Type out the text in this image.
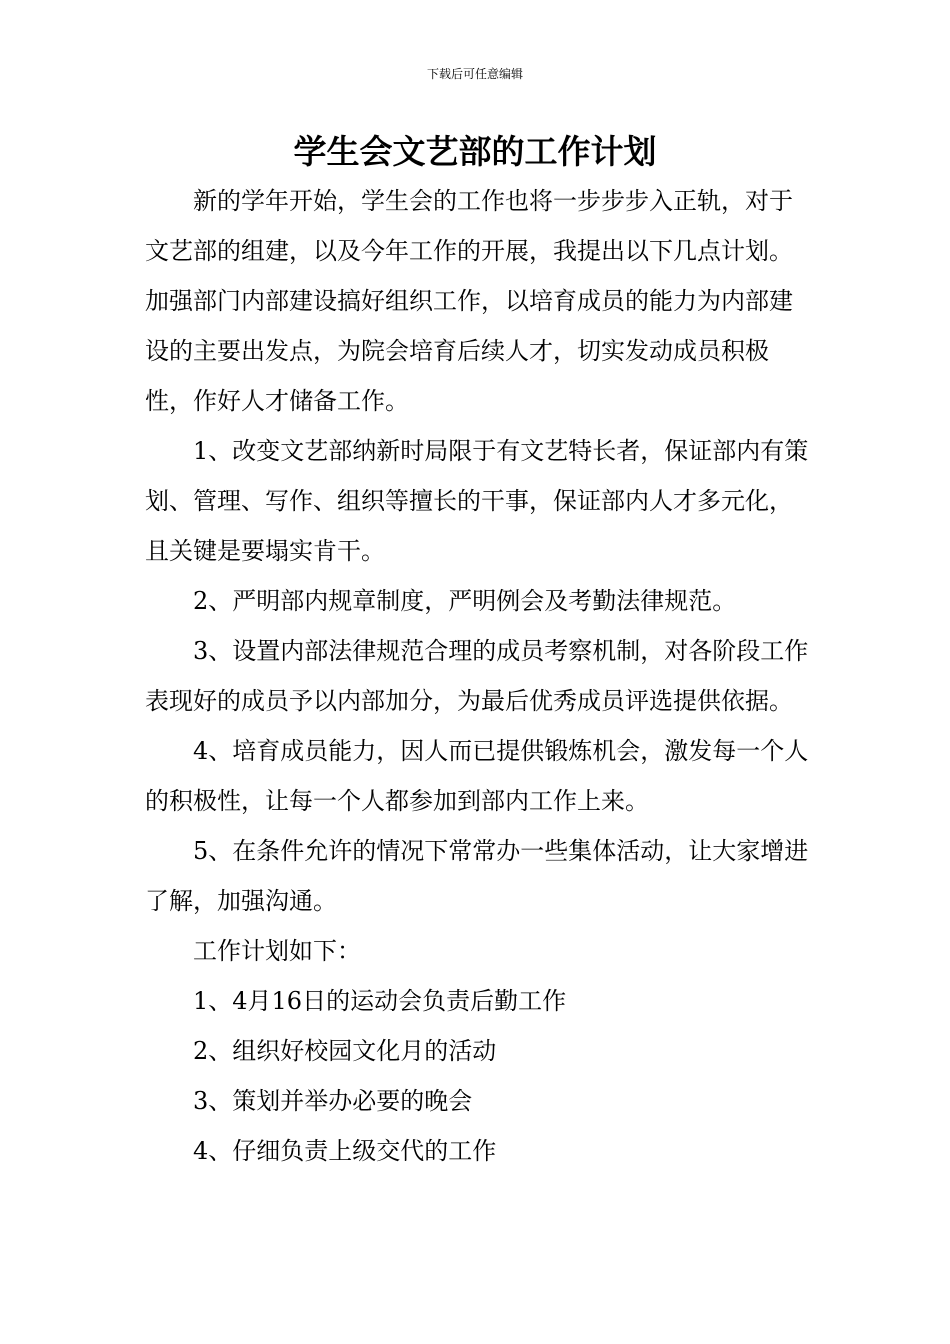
下载后可任意编辑
学生会文艺部的工作计划

新的学年开始，学生会的工作也将一步步步入正轨，对于文艺部的组建，以及今年工作的开展，我提出以下几点计划。加强部门内部建设搞好组织工作，以培育成员的能力为内部建设的主要出发点，为院会培育后续人才，切实发动成员积极性，作好人才储备工作。

1、改变文艺部纳新时局限于有文艺特长者，保证部内有策划、管理、写作、组织等擅长的干事，保证部内人才多元化，且关键是要塌实肯干。

2、严明部内规章制度，严明例会及考勤法律规范。

3、设置内部法律规范合理的成员考察机制，对各阶段工作表现好的成员予以内部加分，为最后优秀成员评选提供依据。

4、培育成员能力，因人而已提供锻炼机会，激发每一个人的积极性，让每一个人都参加到部内工作上来。

5、在条件允许的情况下常常办一些集体活动，让大家增进了解，加强沟通。

工作计划如下：

1、4月16日的运动会负责后勤工作

2、组织好校园文化月的活动

3、策划并举办必要的晚会

4、仔细负责上级交代的工作
